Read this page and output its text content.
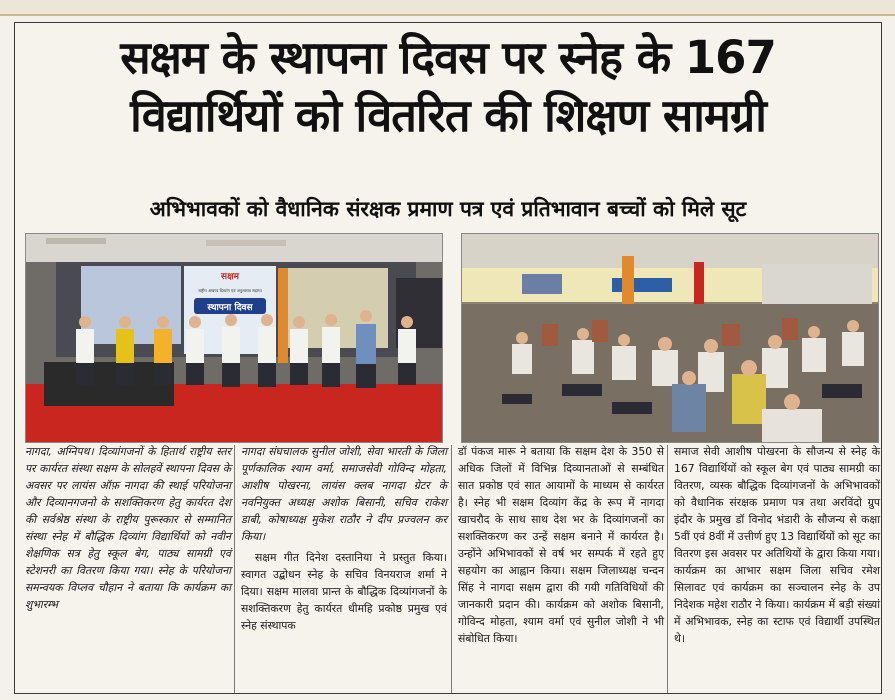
सक्षम के स्थापना दिवस पर स्नेह के 167
विद्यार्थियों को वितरित की शिक्षण सामग्री
अभिभावकों को वैधानिक संरक्षक प्रमाण पत्र एवं प्रतिभावान बच्चों को मिले सूट
सक्षम
राष्ट्रीय अखण्ड दिव्यांग एवं अनुश्वरत्व सहाय्य
स्थापना दिवस

नागदा, अग्निपथ। दिव्यांगजनों के हितार्थ राष्ट्रीय स्तर पर कार्यरत संस्था सक्षम के सोलहवें स्थापना दिवस के अवसर पर लायंस ऑफ़ नागदा की स्थाई परियोजना और दिव्यानगजनो के सशक्तिकरण हेतु कार्यरत देश की सर्वश्रेष्ठ संस्था के राष्ट्रीय पुरूस्कार से सम्मानित संस्था स्नेह में बौद्धिक दिव्यांग विद्यार्थियों को नवीन शेक्षणिक सत्र हेतु स्कूल बेग, पाठ्य सामग्री एवं स्टेशनरी का वितरण किया गया। स्नेह के परियोजना समन्वयक विप्लव चौहान ने बताया कि कार्यक्रम का शुभारम्भ

नागदा संघचालक सुनील जोशी, सेवा भारती के जिला पूर्णकालिक श्याम वर्मा, समाजसेवी गोविन्द मोहता, आशीष पोखरना, लायंस क्लब नागदा ग्रेटर के नवनियुक्त अध्यक्ष अशोक बिसानी, सचिव राकेश डाबी, कोषाध्यक्ष मुकेश राठौर ने दीप प्रज्वलन कर किया।

सक्षम गीत दिनेश दस्तानिया ने प्रस्तुत किया। स्वागत उद्बोधन स्नेह के सचिव विनयराज शर्मा ने दिया। सक्षम मालवा प्रान्त के बौद्धिक दिव्यांगजनों के सशक्तिकरण हेतु कार्यरत धीमहि प्रकोष्ठ प्रमुख एवं स्नेह संस्थापक

डॉ पंकज मारू ने बताया कि सक्षम देश के 350 से अधिक जिलों में विभिन्न दिव्यानताओं से सम्बंधित सात प्रकोष्ठ एवं सात आयामों के माध्यम से कार्यरत है। स्नेह भी सक्षम दिव्यांग केंद्र के रूप में नागदा खाचरौद के साथ साथ देश भर के दिव्यांगजनों का सशक्तिकरण कर उन्हें सक्षम बनाने में कार्यरत है। उन्होंने अभिभावकों से वर्ष भर सम्पर्क में रहते हुए सहयोग का आह्वान किया। सक्षम जिलाध्यक्ष चन्दन सिंह ने नागदा सक्षम द्वारा की गयी गतिविधियों की जानकारी प्रदान की। कार्यक्रम को अशोक बिसानी, गोविन्द मोहता, श्याम वर्मा एवं सुनील जोशी ने भी संबोधित किया।

समाज सेवी आशीष पोखरना के सौजन्य से स्नेह के 167 विद्यार्थियों को स्कूल बेग एवं पाठ्य सामग्री का वितरण, व्यस्क बौद्धिक दिव्यांगजनों के अभिभावकों को वैधानिक संरक्षक प्रमाण पत्र तथा अरविंदो ग्रुप इंदौर के प्रमुख डॉ विनोद भंडारी के सौजन्य से कक्षा 5वीं एवं 8वीं में उत्तीर्ण हुए 13 विद्यार्थियों को सूट का वितरण इस अवसर पर अतिथियों के द्वारा किया गया। कार्यक्रम का आभार सक्षम जिला सचिव रमेश सिलावट एवं कार्यक्रम का सञ्चालन स्नेह के उप निदेशक महेश राठौर ने किया। कार्यक्रम में बड़ी संख्यां में अभिभावक, स्नेह का स्टाफ एवं विद्यार्थी उपस्थित थे।
